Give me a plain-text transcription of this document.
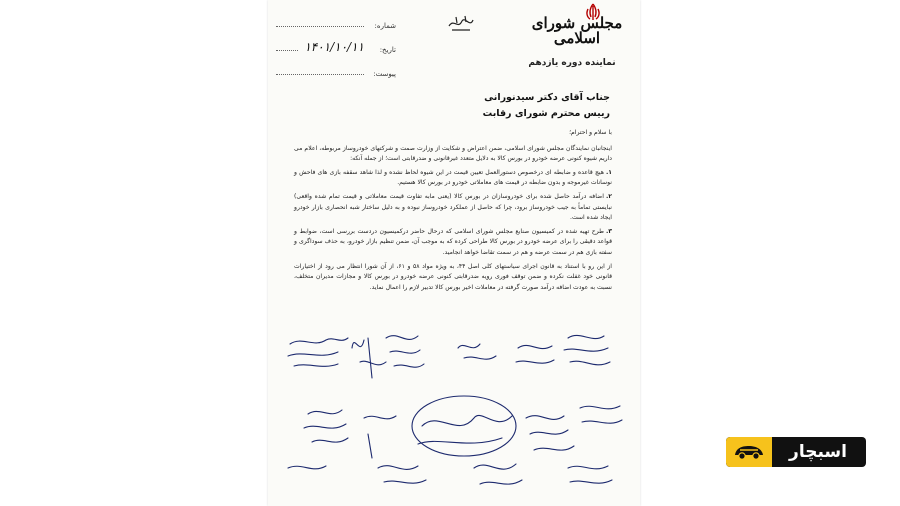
مجلس شورای اسلامی
نماینده دوره یازدهم
شماره:
تاریخ:
۱۴۰۱/۱۰/۱۱
پیوست:
جناب آقای دکتر سیدنورانی
رییس محترم شورای رقابت

با سلام و احترام؛

اینجانبان نمایندگان مجلس شورای اسلامی، ضمن اعتراض و شکایت از وزارت صمت و شرکتهای خودروساز مربوطه، اعلام می داریم شیوه کنونی عرضه خودرو در بورس کالا به دلایل متعدد غیرقانونی و ضدرقابتی است؛ از جمله آنکه:

۱.هیچ قاعده و ضابطه ای درخصوص دستورالعمل تعیین قیمت در این شیوه لحاظ نشده و لذا شاهد سقفه بازی های فاحش و نوسانات غیرموجه و بدون ضابطه در قیمت های معاملاتی خودرو در بورس کالا هستیم.

۲.اضافه درآمد حاصل شده برای خودروسازان در بورس کالا (یعنی مابه تفاوت قیمت معاملاتی و قیمت تمام شده واقعی) نبایستی تماماً به جیب خودروساز برود، چرا که حاصل از عملکرد خودروساز نبوده و به دلیل ساختار شبه انحصاری بازار خودرو ایجاد شده است.

۳.طرح تهیه شده در کمیسیون صنایع مجلس شورای اسلامی که درحال حاضر درکمیسیون دردست بررسی است، ضوابط و قواعد دقیقی را برای عرضه خودرو در بورس کالا طراحی کرده که به موجب آن، ضمن تنظیم بازار خودرو، به حذف سوداگری و سفته بازی هم در سمت عرضه و هم در سمت تقاضا خواهد انجامید.

از این رو با استناد به قانون اجرای سیاستهای کلی اصل ۴۴، به ویژه مواد ۵۸ و ۶۱، از آن شورا انتظار می رود از اختیارات قانونی خود غفلت نکرده و ضمن توقف فوری رویه ضدرقابتی کنونی عرضه خودرو در بورس کالا و مجازات مدیران متخلف، نسبت به عودت اضافه درآمد صورت گرفته در معاملات اخیر بورس کالا تدبیر لازم را اعمال نماید.

اسبچار
